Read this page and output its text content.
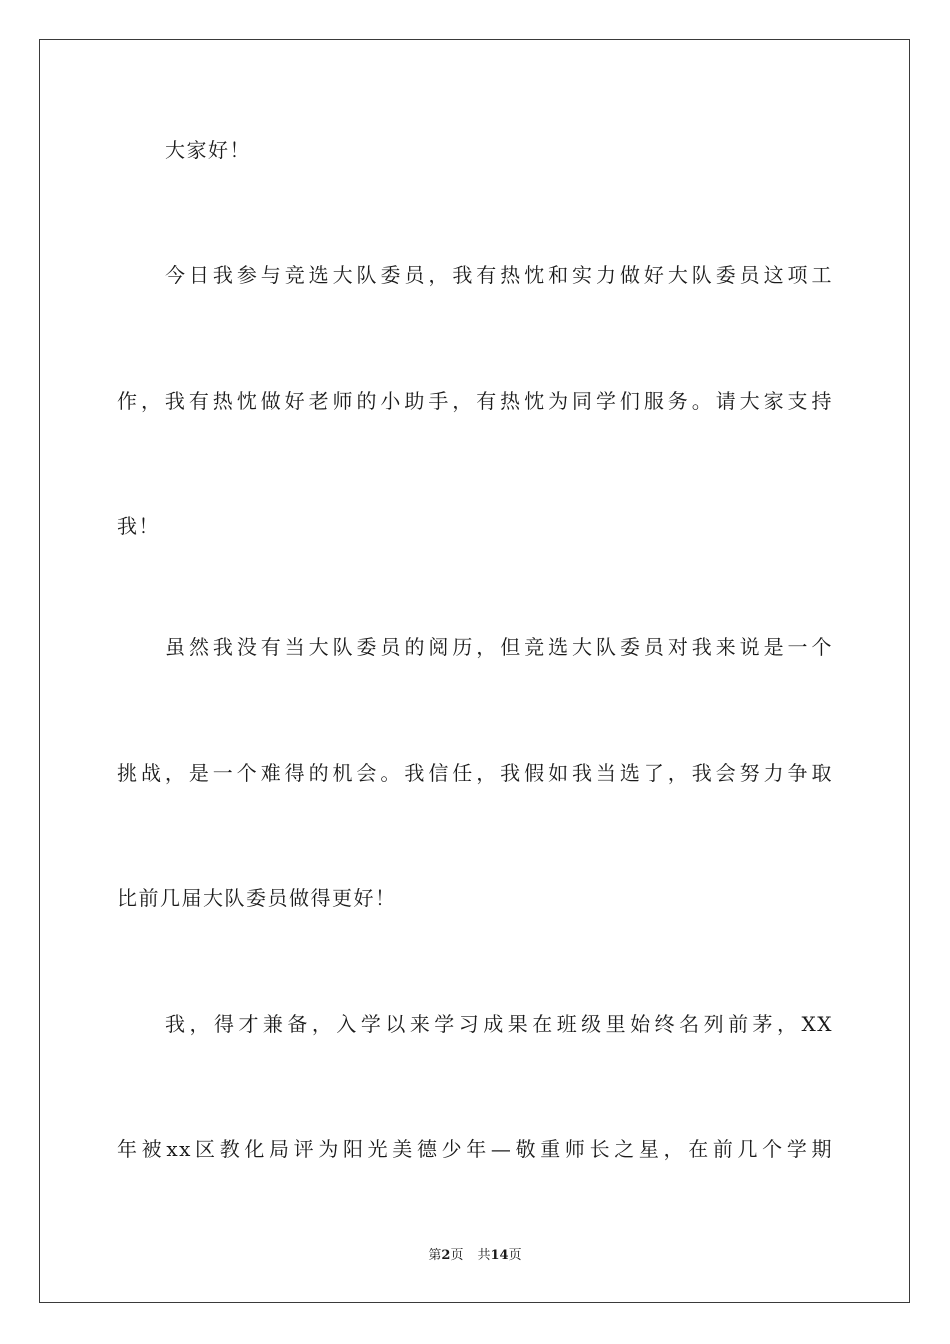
大家好！
今日我参与竞选大队委员，我有热忱和实力做好大队委员这项工
作，我有热忱做好老师的小助手，有热忱为同学们服务。请大家支持
我！
虽然我没有当大队委员的阅历，但竞选大队委员对我来说是一个
挑战，是一个难得的机会。我信任，我假如我当选了，我会努力争取
比前几届大队委员做得更好！
我，得才兼备，入学以来学习成果在班级里始终名列前茅，XX
年被xx区教化局评为阳光美德少年—敬重师长之星，在前几个学期
第2页 共14页
